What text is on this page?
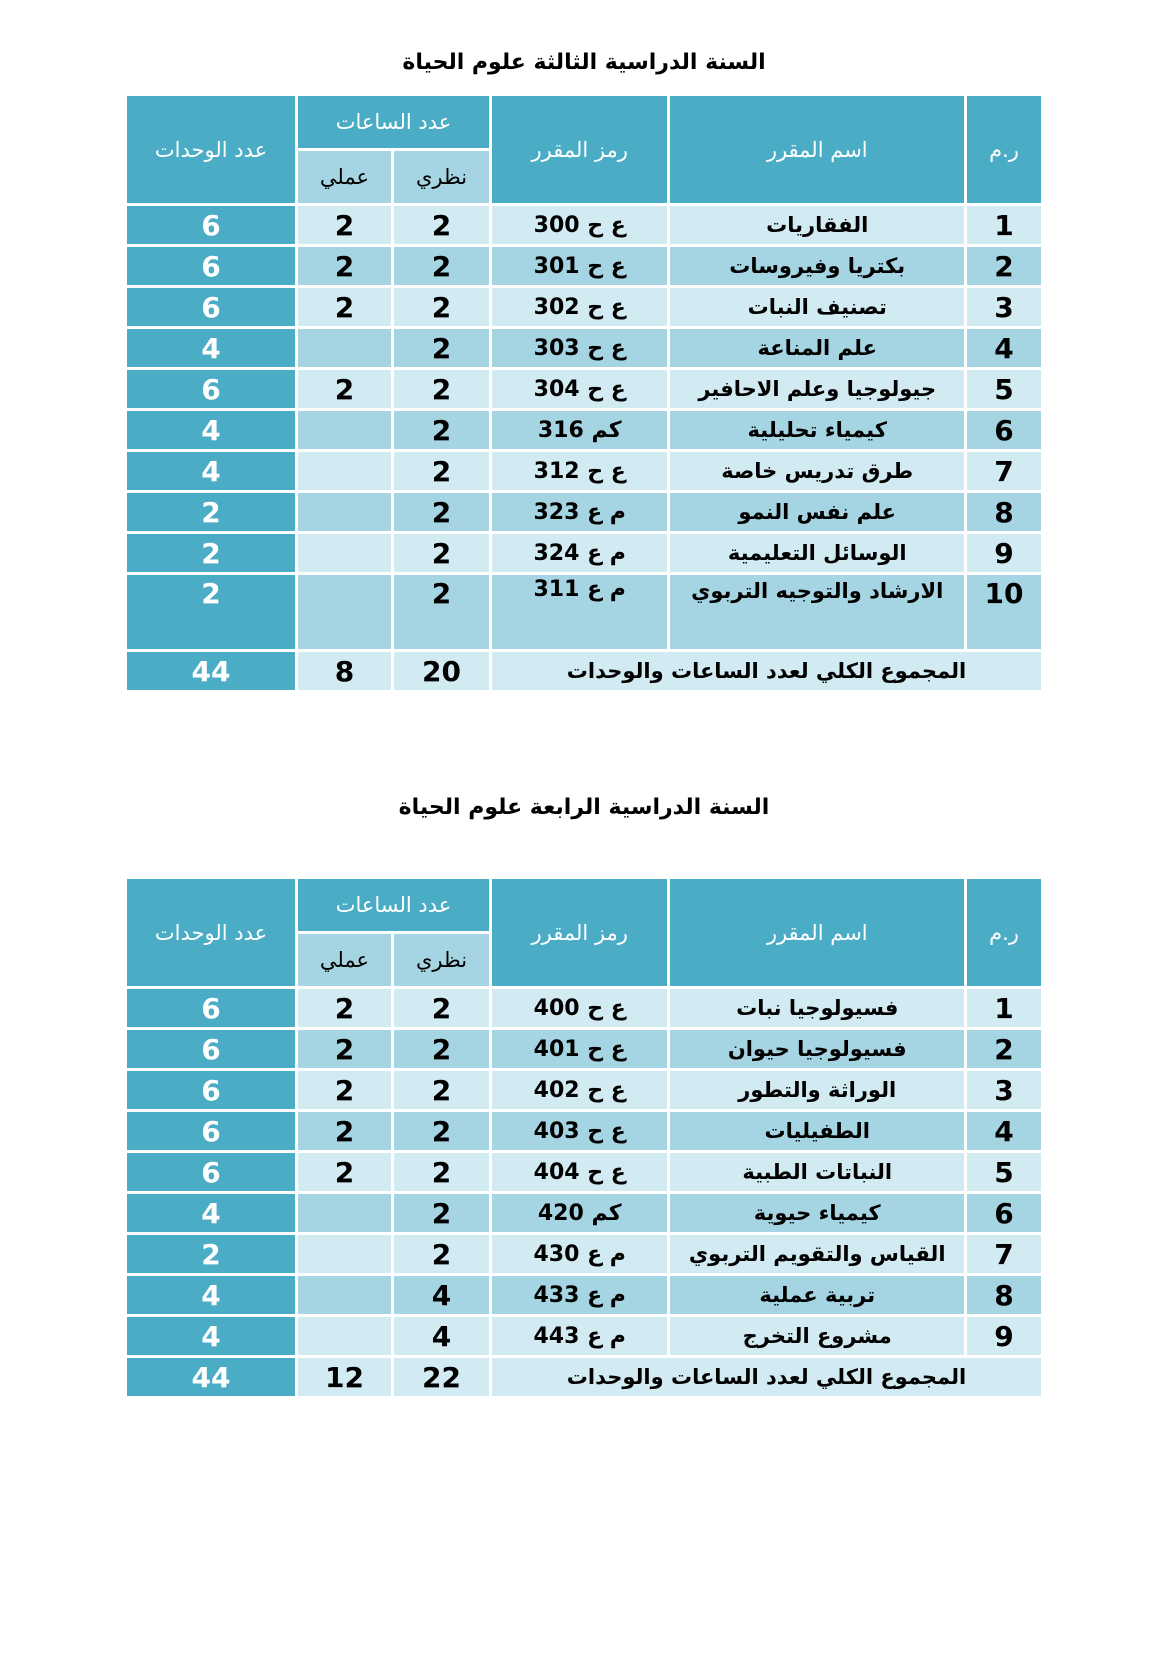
السنة الدراسية الثالثة علوم الحياة
ر.م	اسم المقرر	رمز المقرر	عدد الساعات		عدد الوحدات
			نظري	عملي	
1	الفقاريات	ع ح 300	2	2	6
2	بكتريا وفيروسات	ع ح 301	2	2	6
3	تصنيف النبات	ع ح 302	2	2	6
4	علم المناعة	ع ح 303	2		4
5	جيولوجيا وعلم الاحافير	ع ح 304	2	2	6
6	كيمياء تحليلية	كم 316	2		4
7	طرق تدريس خاصة	ع ح 312	2		4
8	علم نفس النمو	م ع 323	2		2
9	الوسائل التعليمية	م ع 324	2		2
10	الارشاد والتوجيه التربوي	م ع 311	2		2
المجموع الكلي لعدد الساعات والوحدات			20	8	44
السنة الدراسية الرابعة علوم الحياة
ر.م	اسم المقرر	رمز المقرر	عدد الساعات		عدد الوحدات
			نظري	عملي	
1	فسيولوجيا نبات	ع ح 400	2	2	6
2	فسيولوجيا حيوان	ع ح 401	2	2	6
3	الوراثة والتطور	ع ح 402	2	2	6
4	الطفيليات	ع ح 403	2	2	6
5	النباتات الطبية	ع ح 404	2	2	6
6	كيمياء حيوية	كم 420	2		4
7	القياس والتقويم التربوي	م ع 430	2		2
8	تربية عملية	م ع 433	4		4
9	مشروع التخرج	م ع 443	4		4
المجموع الكلي لعدد الساعات والوحدات			22	12	44
